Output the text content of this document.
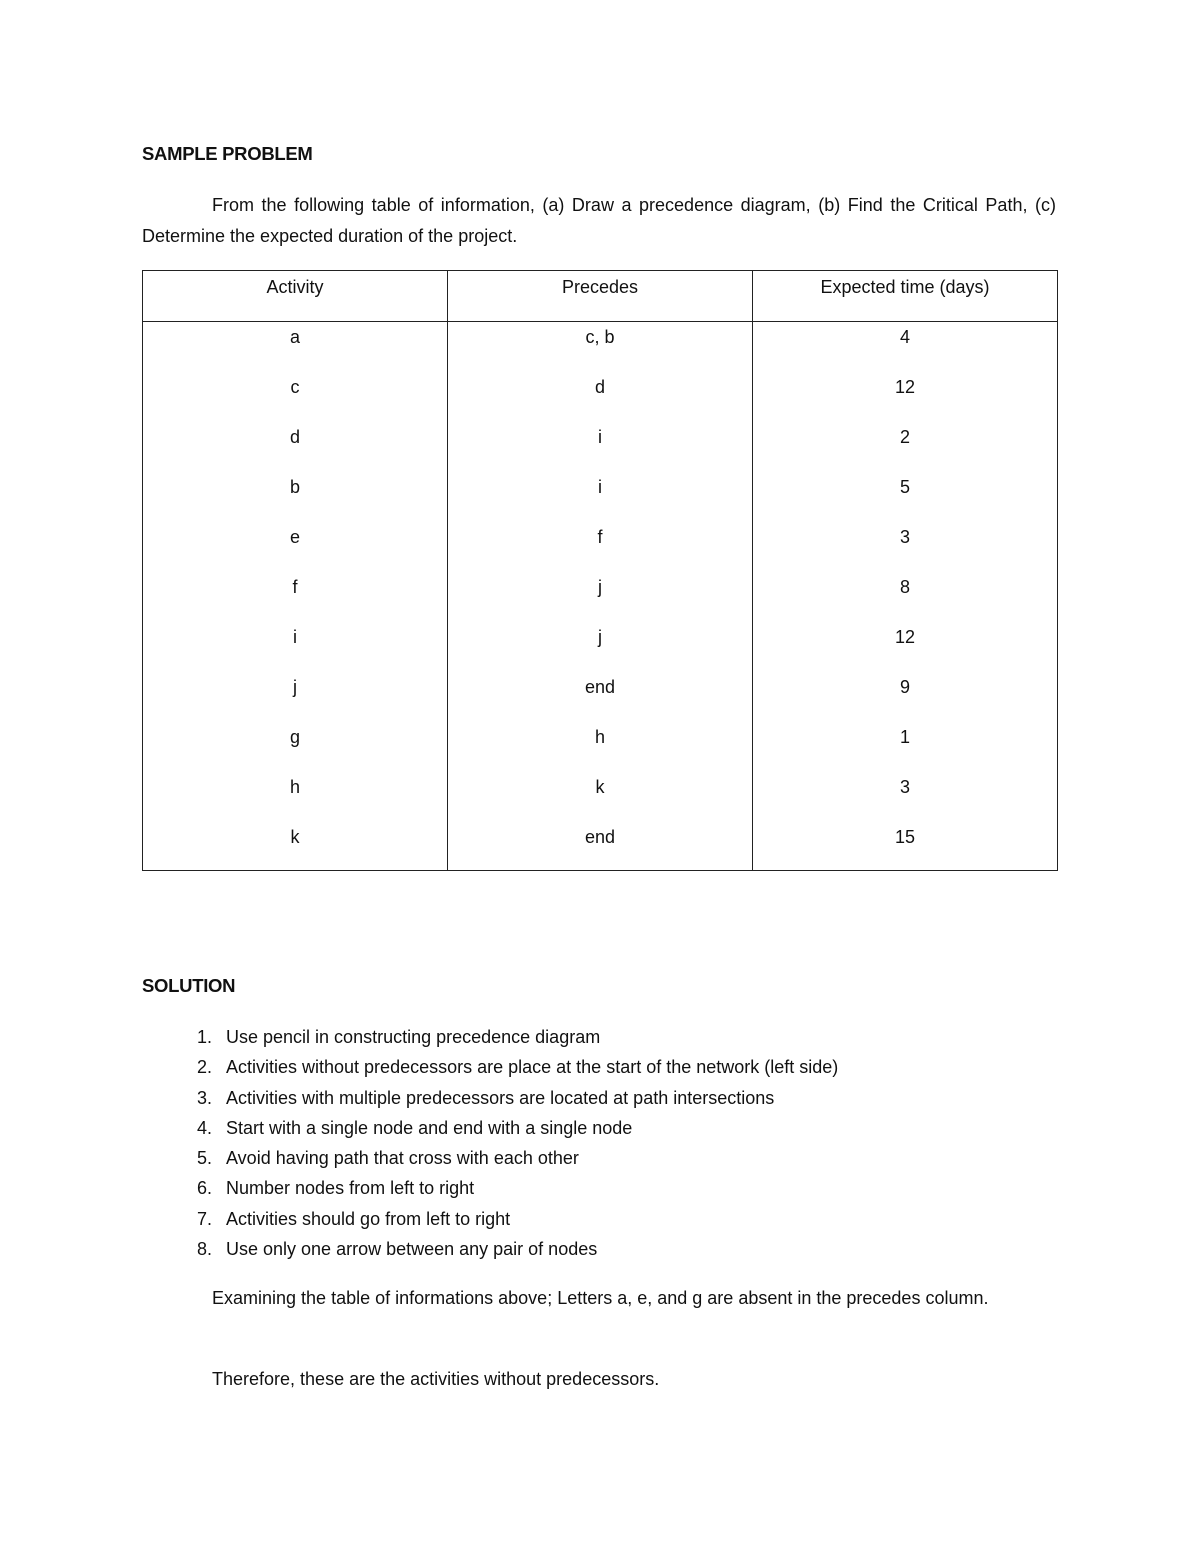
SAMPLE PROBLEM
From the following table of information, (a) Draw a precedence diagram, (b) Find the Critical Path, (c) Determine the expected duration of the project.
Activity	Precedes	Expected time (days)
a	c, b	4
c	d	12
d	i	2
b	i	5
e	f	3
f	j	8
i	j	12
j	end	9
g	h	1
h	k	3
k	end	15
SOLUTION
1. Use pencil in constructing precedence diagram
2. Activities without predecessors are place at the start of the network (left side)
3. Activities with multiple predecessors are located at path intersections
4. Start with a single node and end with a single node
5. Avoid having path that cross with each other
6. Number nodes from left to right
7. Activities should go from left to right
8. Use only one arrow between any pair of nodes
Examining the table of informations above; Letters a, e, and g are absent in the precedes column.
Therefore, these are the activities without predecessors.
